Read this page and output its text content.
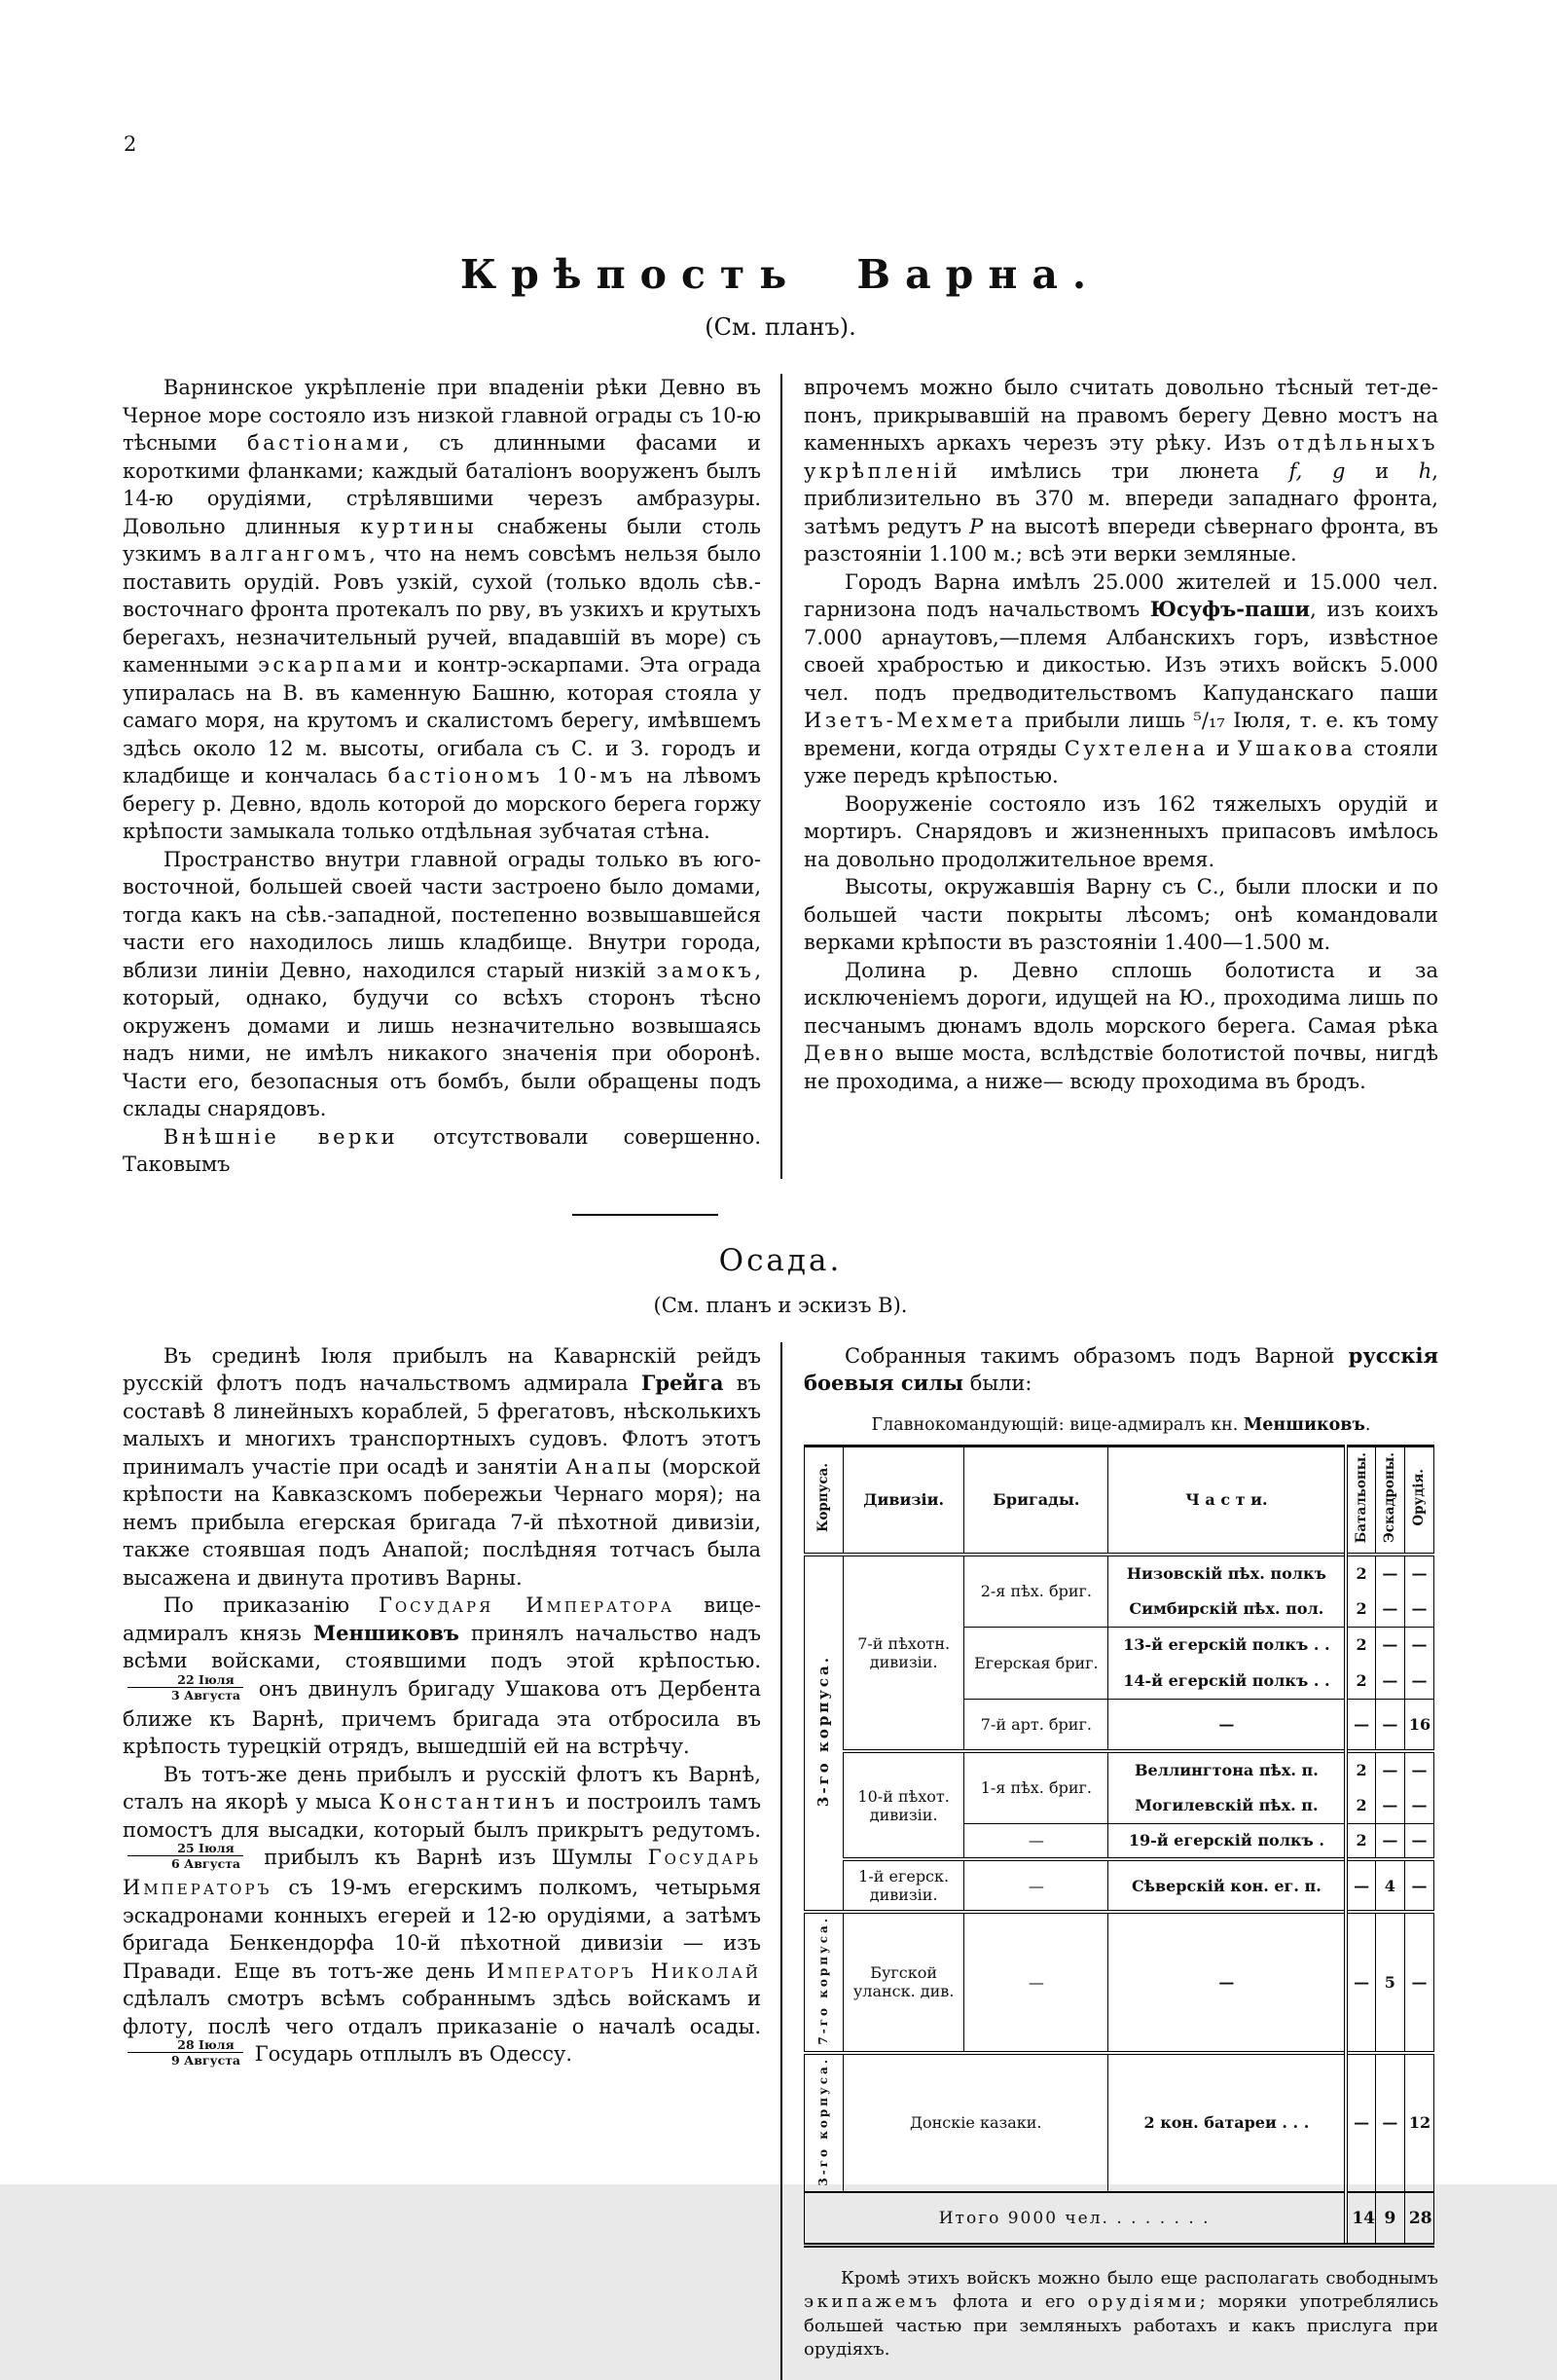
2
Крѣпость Варна.
(См. планъ).

Варнинское укрѣпленіе при впаденіи рѣки Девно въ Черное море состояло изъ низкой главной ограды съ 10-ю тѣсными бастіонами, съ длинными фасами и короткими фланками; каждый баталіонъ вооруженъ былъ 14-ю орудіями, стрѣлявшими черезъ амбразуры. Довольно длинныя куртины снабжены были столь узкимъ валгангомъ, что на немъ совсѣмъ нельзя было поставить орудій. Ровъ узкій, сухой (только вдоль сѣв.-восточнаго фронта протекалъ по рву, въ узкихъ и крутыхъ берегахъ, незначительный ручей, впадавшій въ море) съ каменными эскарпами и контр-эскарпами. Эта ограда упиралась на В. въ каменную Башню, которая стояла у самаго моря, на крутомъ и скалистомъ берегу, имѣвшемъ здѣсь около 12 м. высоты, огибала съ С. и З. городъ и кладбище и кончалась бастіономъ 10-мъ на лѣвомъ берегу р. Девно, вдоль которой до морского берега горжу крѣпости замыкала только отдѣльная зубчатая стѣна.

Пространство внутри главной ограды только въ юго-восточной, большей своей части застроено было домами, тогда какъ на сѣв.-западной, постепенно возвышавшейся части его находилось лишь кладбище. Внутри города, вблизи линіи Девно, находился старый низкій замокъ, который, однако, будучи со всѣхъ сторонъ тѣсно окруженъ домами и лишь незначительно возвышаясь надъ ними, не имѣлъ никакого значенія при оборонѣ. Части его, безопасныя отъ бомбъ, были обращены подъ склады снарядовъ.

Внѣшніе верки отсутствовали совершенно. Таковымъ

впрочемъ можно было считать довольно тѣсный тет-де-понъ, прикрывавшій на правомъ берегу Девно мостъ на каменныхъ аркахъ черезъ эту рѣку. Изъ отдѣльныхъ укрѣпленій имѣлись три люнета f, g и h, приблизительно въ 370 м. впереди западнаго фронта, затѣмъ редутъ P на высотѣ впереди сѣвернаго фронта, въ разстояніи 1.100 м.; всѣ эти верки земляные.

Городъ Варна имѣлъ 25.000 жителей и 15.000 чел. гарнизона подъ начальствомъ Юсуфъ-паши, изъ коихъ 7.000 арнаутовъ,—племя Албанскихъ горъ, извѣстное своей храбростью и дикостью. Изъ этихъ войскъ 5.000 чел. подъ предводительствомъ Капуданскаго паши Изетъ-Мехмета прибыли лишь ⁵/₁₇ Іюля, т. е. къ тому времени, когда отряды Сухтелена и Ушакова стояли уже передъ крѣпостью.

Вооруженіе состояло изъ 162 тяжелыхъ орудій и мортиръ. Снарядовъ и жизненныхъ припасовъ имѣлось на довольно продолжительное время.

Высоты, окружавшія Варну съ С., были плоски и по большей части покрыты лѣсомъ; онѣ командовали верками крѣпости въ разстояніи 1.400—1.500 м.

Долина р. Девно сплошь болотиста и за исключеніемъ дороги, идущей на Ю., проходима лишь по песчанымъ дюнамъ вдоль морского берега. Самая рѣка Девно выше моста, вслѣдствіе болотистой почвы, нигдѣ не проходима, а ниже— всюду проходима въ бродъ.

Осада.
(См. планъ и эскизъ В).

Въ срединѣ Іюля прибылъ на Каварнскій рейдъ русскій флотъ подъ начальствомъ адмирала Грейга въ составѣ 8 линейныхъ кораблей, 5 фрегатовъ, нѣсколькихъ малыхъ и многихъ транспортныхъ судовъ. Флотъ этотъ принималъ участіе при осадѣ и занятіи Анапы (морской крѣпости на Кавказскомъ побережьи Чернаго моря); на немъ прибыла егерская бригада 7-й пѣхотной дивизіи, также стоявшая подъ Анапой; послѣдняя тотчасъ была высажена и двинута противъ Варны.

По приказанію Государя Императора вице-адмиралъ князь Меншиковъ принялъ начальство надъ всѣми войсками, стоявшими подъ этой крѣпостью.
$\frac{\text{22 Іюля}}{\text{3 Августа}}$ онъ двинулъ бригаду Ушакова отъ Дербента ближе къ Варнѣ, причемъ бригада эта отбросила въ крѣпость турецкій отрядъ, вышедшій ей на встрѣчу.

Въ тотъ-же день прибылъ и русскій флотъ къ Варнѣ, сталъ на якорѣ у мыса Константинъ и построилъ тамъ помостъ для высадки, который былъ прикрытъ редутомъ.
$\frac{\text{25 Іюля}}{\text{6 Августа}}$ прибылъ къ Варнѣ изъ Шумлы Государь Императоръ съ 19-мъ егерскимъ полкомъ, четырьмя эскадронами конныхъ егерей и 12-ю орудіями, а затѣмъ бригада Бенкендорфа 10-й пѣхотной дивизіи — изъ Правади. Еще въ тотъ-же день Императоръ Николай сдѣлалъ смотръ всѣмъ собраннымъ здѣсь войскамъ и флоту, послѣ чего отдалъ приказаніе о началѣ осады.
$\frac{\text{28 Іюля}}{\text{9 Августа}}$ Государь отплылъ въ Одессу.

Собранныя такимъ образомъ подъ Варной русскія боевыя силы были:

Главнокомандующій: вице-адмиралъ кн. Меншиковъ.
Корпуса.	Дивизіи.	Бригады.	Ч а с т и.	Батальоны.	Эскадроны.	Орудія.
3-го корпуса.	7-й пѣхотн. дивизіи.	2-я пѣх. бриг.	Низовскій пѣх. полкъ	2	—	—
			Симбирскій пѣх. пол.	2	—	—
		Егерская бриг.	13-й егерскій полкъ . .	2	—	—
			14-й егерскій полкъ . .	2	—	—
		7-й арт. бриг.	—	—	—	16
	10-й пѣхот. дивизіи.	1-я пѣх. бриг.	Веллингтона пѣх. п.	2	—	—
			Могилевскій пѣх. п.	2	—	—
		—	19-й егерскій полкъ .	2	—	—
	1-й егерск. дивизіи.	—	Сѣверскій кон. ег. п.	—	4	—
7-го корпуса.	Бугской уланск. див.	—	—	—	5	—
3-го корпуса.	Донскіе казаки.		2 кон. батареи . . .	—	—	12
Итого 9000 чел. . . . . . . .				14	9	28

Кромѣ этихъ войскъ можно было еще располагать свободнымъ экипажемъ флота и его орудіями; моряки употреблялись большей частью при земляныхъ работахъ и какъ прислуга при орудіяхъ.
